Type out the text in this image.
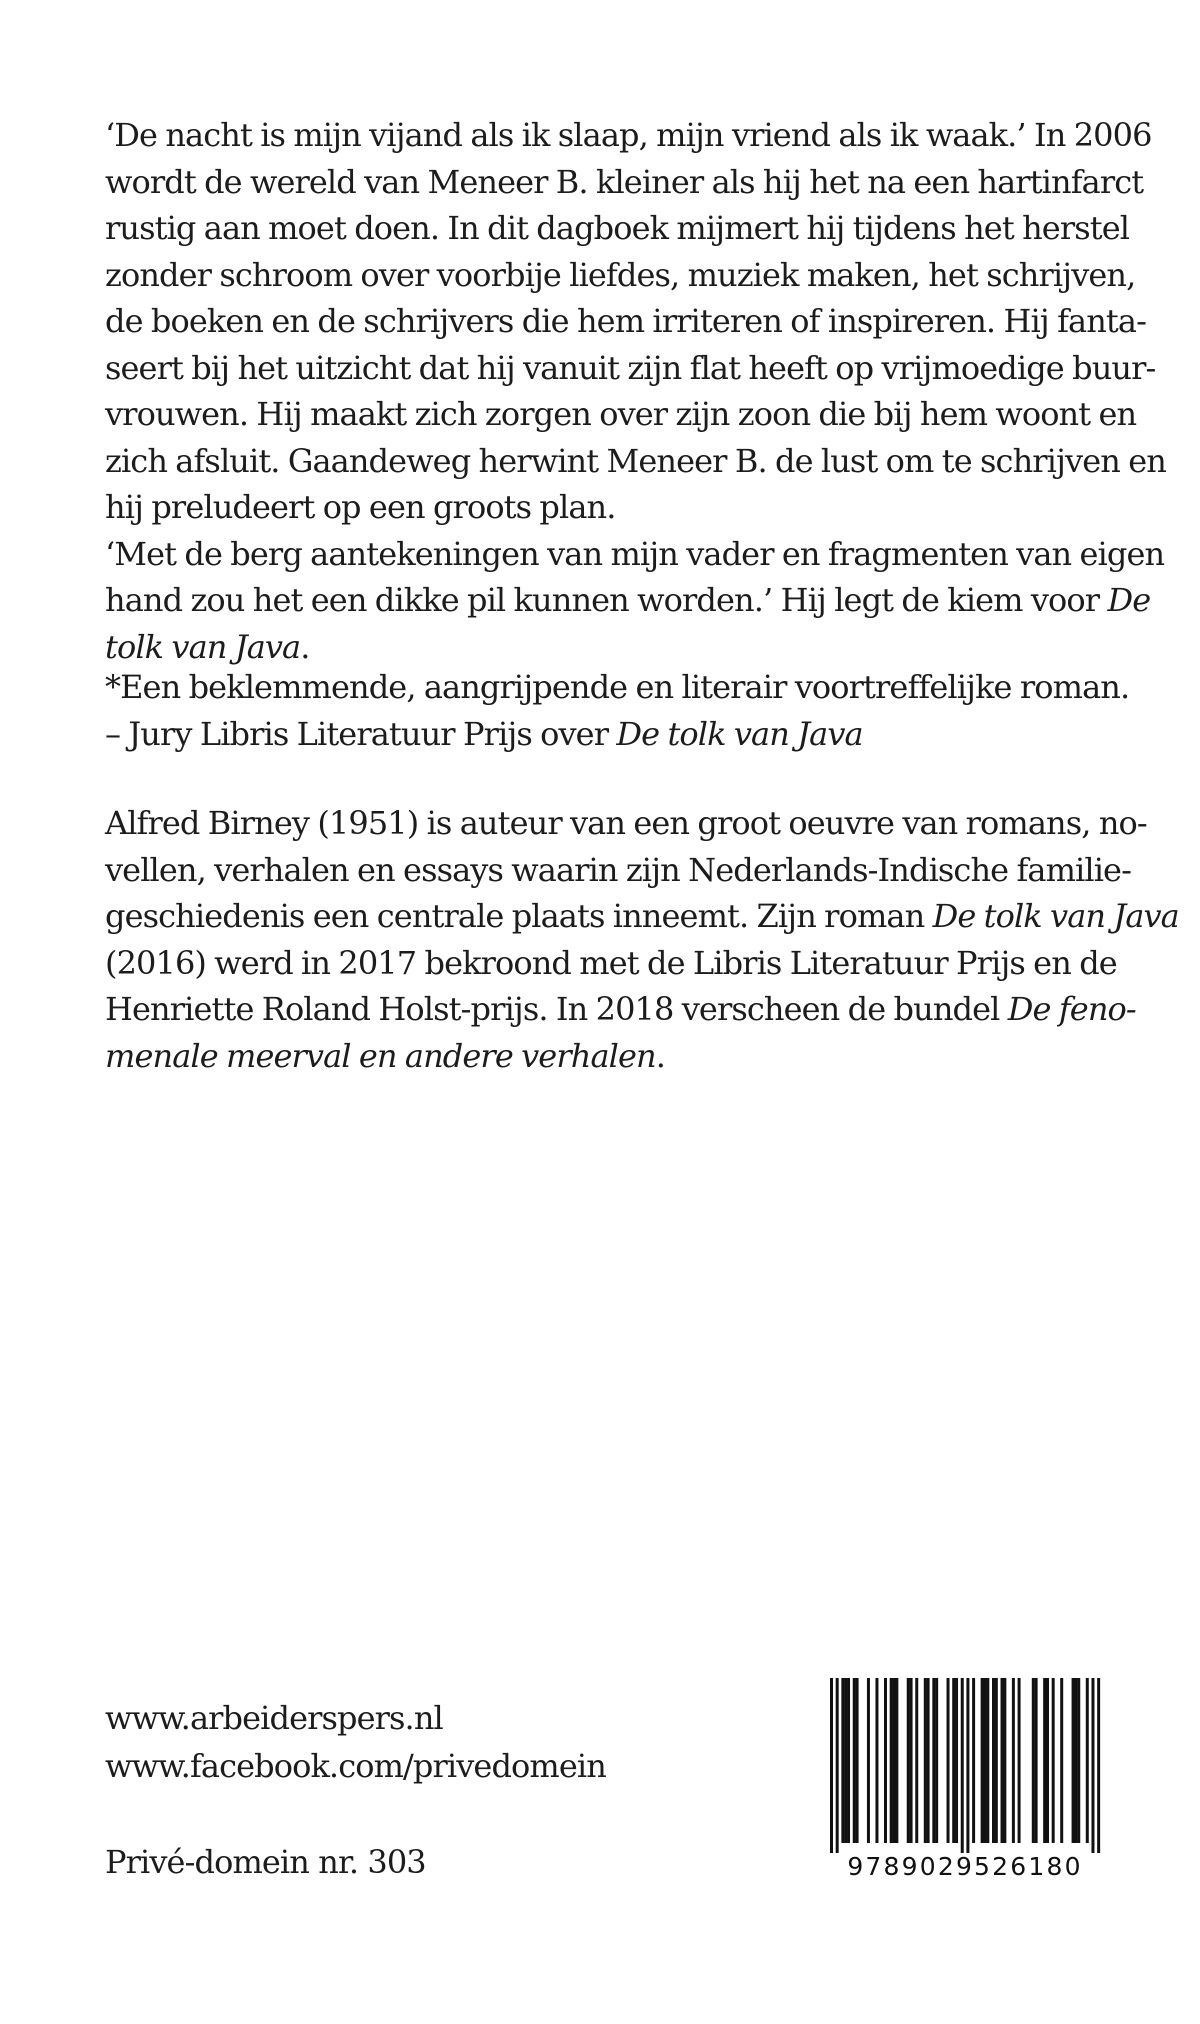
‘De nacht is mijn vijand als ik slaap, mijn vriend als ik waak.’ In 2006
wordt de wereld van Meneer B. kleiner als hij het na een hartinfarct
rustig aan moet doen. In dit dagboek mijmert hij tijdens het herstel
zonder schroom over voorbije liefdes, muziek maken, het schrijven,
de boeken en de schrijvers die hem irriteren of inspireren. Hij fanta-
seert bij het uitzicht dat hij vanuit zijn flat heeft op vrijmoedige buur-
vrouwen. Hij maakt zich zorgen over zijn zoon die bij hem woont en
zich afsluit. Gaandeweg herwint Meneer B. de lust om te schrijven en
hij preludeert op een groots plan.
‘Met de berg aantekeningen van mijn vader en fragmenten van eigen
hand zou het een dikke pil kunnen worden.’ Hij legt de kiem voor De
tolk van Java.
*Een beklemmende, aangrijpende en literair voortreffelijke roman.
– Jury Libris Literatuur Prijs over De tolk van Java
Alfred Birney (1951) is auteur van een groot oeuvre van romans, no-
vellen, verhalen en essays waarin zijn Nederlands-Indische familie-
geschiedenis een centrale plaats inneemt. Zijn roman De tolk van Java
(2016) werd in 2017 bekroond met de Libris Literatuur Prijs en de
Henriette Roland Holst-prijs. In 2018 verscheen de bundel De feno-
menale meerval en andere verhalen.
www.arbeiderspers.nl
www.facebook.com/privedomein
Privé-domein nr. 303	9789029526180
